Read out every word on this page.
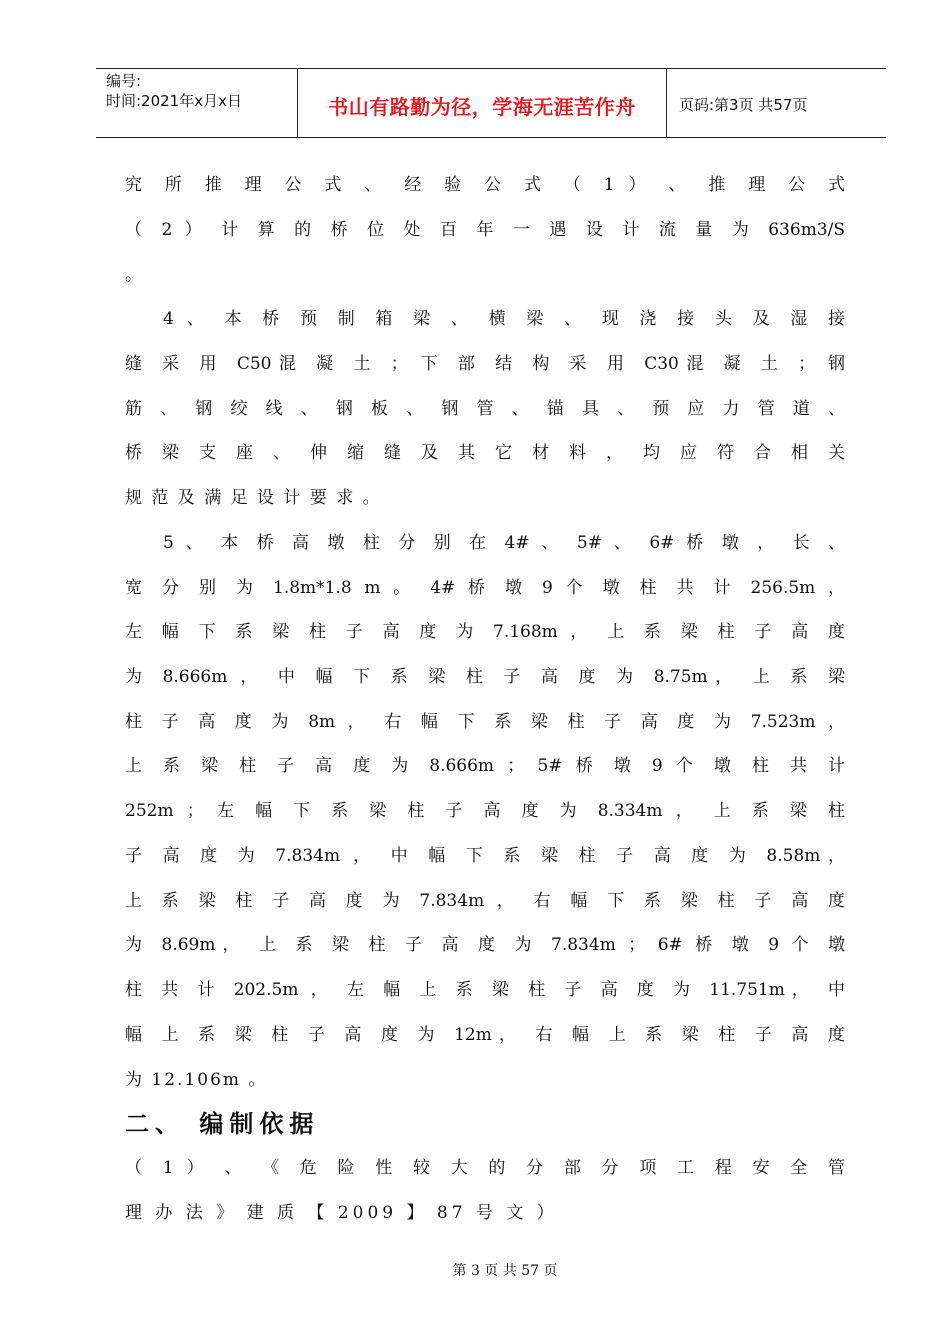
编号:
时间:2021年x月x日	书山有路勤为径，学海无涯苦作舟	页码:第3页 共57页
究 所 推 理 公 式 、 经 验 公 式 （ 1 ） 、 推 理 公 式
（ 2 ） 计 算 的 桥 位 处 百 年 一 遇 设 计 流 量 为 636m3/S
。
4 、 本 桥 预 制 箱 梁 、 横 梁 、 现 浇 接 头 及 湿 接
缝 采 用 C50混 凝 土 ； 下 部 结 构 采 用 C30混 凝 土 ； 钢
筋 、 钢 绞 线 、 钢 板 、 钢 管 、 锚 具 、 预 应 力 管 道 、
桥 梁 支 座 、 伸 缩 缝 及 其 它 材 料 ， 均 应 符 合 相 关
规 范 及 满 足 设 计 要 求 。
5 、 本 桥 高 墩 柱 分 别 在 4# 、 5# 、 6# 桥 墩 ， 长 、
宽 分 别 为 1.8m*1.8 m 。 4# 桥 墩 9 个 墩 柱 共 计 256.5m ，
左 幅 下 系 梁 柱 子 高 度 为 7.168m ， 上 系 梁 柱 子 高 度
为 8.666m ， 中 幅 下 系 梁 柱 子 高 度 为 8.75m， 上 系 梁
柱 子 高 度 为 8m ， 右 幅 下 系 梁 柱 子 高 度 为 7.523m ，
上 系 梁 柱 子 高 度 为 8.666m ； 5# 桥 墩 9 个 墩 柱 共 计
252m ； 左 幅 下 系 梁 柱 子 高 度 为 8.334m ， 上 系 梁 柱
子 高 度 为 7.834m ， 中 幅 下 系 梁 柱 子 高 度 为 8.58m，
上 系 梁 柱 子 高 度 为 7.834m ， 右 幅 下 系 梁 柱 子 高 度
为 8.69m， 上 系 梁 柱 子 高 度 为 7.834m ； 6# 桥 墩 9 个 墩
柱 共 计 202.5m ， 左 幅 上 系 梁 柱 子 高 度 为 11.751m， 中
幅 上 系 梁 柱 子 高 度 为 12m， 右 幅 上 系 梁 柱 子 高 度
为 12.106m 。
二、 编制依据
（ 1 ） 、 《 危 险 性 较 大 的 分 部 分 项 工 程 安 全 管
理 办 法 》 建 质 【 2009 】 87 号 文 ）
第 3 页 共 57 页
